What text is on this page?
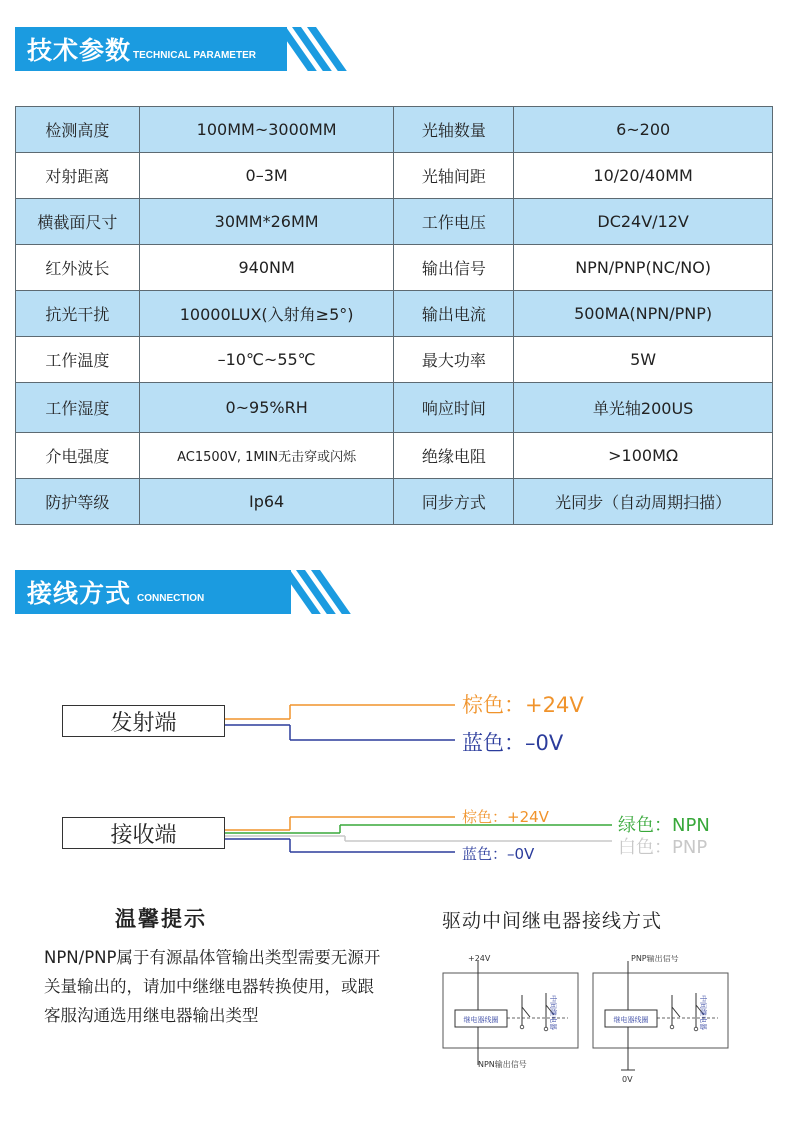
技术参数 TECHNICAL PARAMETER
检测高度	100MM~3000MM	光轴数量	6~200
对射距离	0–3M	光轴间距	10/20/40MM
横截面尺寸	30MM*26MM	工作电压	DC24V/12V
红外波长	940NM	输出信号	NPN/PNP(NC/NO)
抗光干扰	10000LUX(入射角≥5°)	输出电流	500MA(NPN/PNP)
工作温度	–10℃~55℃	最大功率	5W
工作湿度	0~95%RH	响应时间	单光轴200US
介电强度	AC1500V, 1MIN无击穿或闪烁	绝缘电阻	>100MΩ
防护等级	Ip64	同步方式	光同步（自动周期扫描）
接线方式 CONNECTION
发射端
接收端
棕色：+24V
蓝色：–0V
棕色：+24V
蓝色：–0V
绿色：NPN
白色：PNP
温馨提示
NPN/PNP属于有源晶体管输出类型需要无源开关量输出的，请加中继继电器转换使用，或跟客服沟通选用继电器输出类型
驱动中间继电器接线方式
继电器线圈	中间继电器
+24V
NPN输出信号
继电器线圈	中间继电器
PNP输出信号
0V
